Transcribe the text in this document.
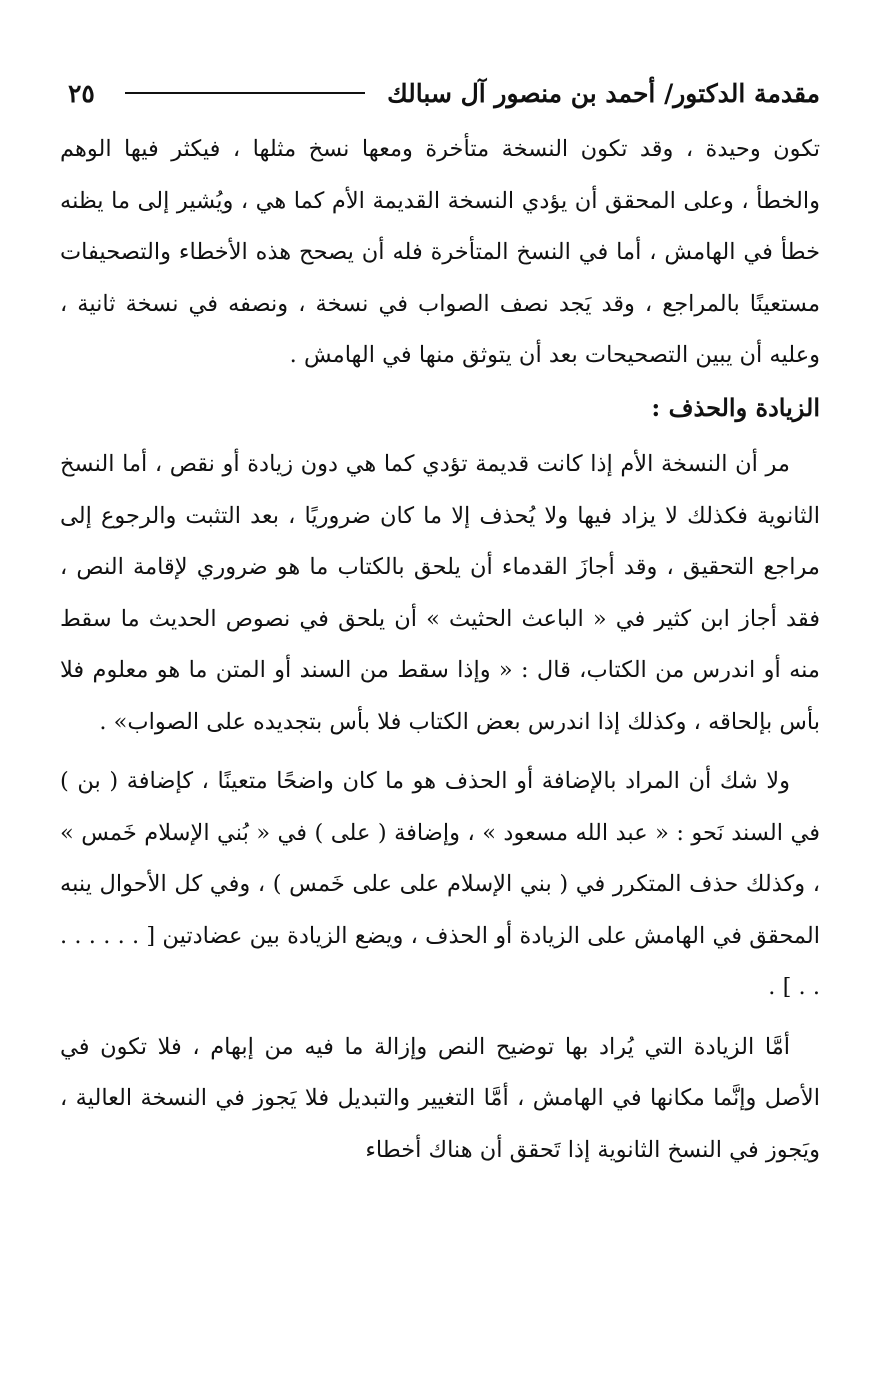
مقدمة الدكتور/ أحمد بن منصور آل سبالك
٢٥

تكون وحيدة ، وقد تكون النسخة متأخرة ومعها نسخ مثلها ، فيكثر فيها الوهم والخطأ ، وعلى المحقق أن يؤدي النسخة القديمة الأم كما هي ، ويُشير إلى ما يظنه خطأ في الهامش ، أما في النسخ المتأخرة فله أن يصحح هذه الأخطاء والتصحيفات مستعينًا بالمراجع ، وقد يَجد نصف الصواب في نسخة ، ونصفه في نسخة ثانية ، وعليه أن يبين التصحيحات بعد أن يتوثق منها في الهامش .

الزيادة والحذف :

مر أن النسخة الأم إذا كانت قديمة تؤدي كما هي دون زيادة أو نقص ، أما النسخ الثانوية فكذلك لا يزاد فيها ولا يُحذف إلا ما كان ضروريًا ، بعد التثبت والرجوع إلى مراجع التحقيق ، وقد أجازَ القدماء أن يلحق بالكتاب ما هو ضروري لإقامة النص ، فقد أجاز ابن كثير في « الباعث الحثيث » أن يلحق في نصوص الحديث ما سقط منه أو اندرس من الكتاب، قال : « وإذا سقط من السند أو المتن ما هو معلوم فلا بأس بإلحاقه ، وكذلك إذا اندرس بعض الكتاب فلا بأس بتجديده على الصواب» .

ولا شك أن المراد بالإضافة أو الحذف هو ما كان واضحًا متعينًا ، كإضافة ( بن ) في السند نَحو : « عبد الله مسعود » ، وإضافة ( على ) في « بُني الإسلام خَمس » ، وكذلك حذف المتكرر في ( بني الإسلام على على خَمس ) ، وفي كل الأحوال ينبه المحقق في الهامش على الزيادة أو الحذف ، ويضع الزيادة بين عضادتين [ . . . . . . . . ] .

أمَّا الزيادة التي يُراد بها توضيح النص وإزالة ما فيه من إبهام ، فلا تكون في الأصل وإنَّما مكانها في الهامش ، أمَّا التغيير والتبديل فلا يَجوز في النسخة العالية ، ويَجوز في النسخ الثانوية إذا تَحقق أن هناك أخطاء
